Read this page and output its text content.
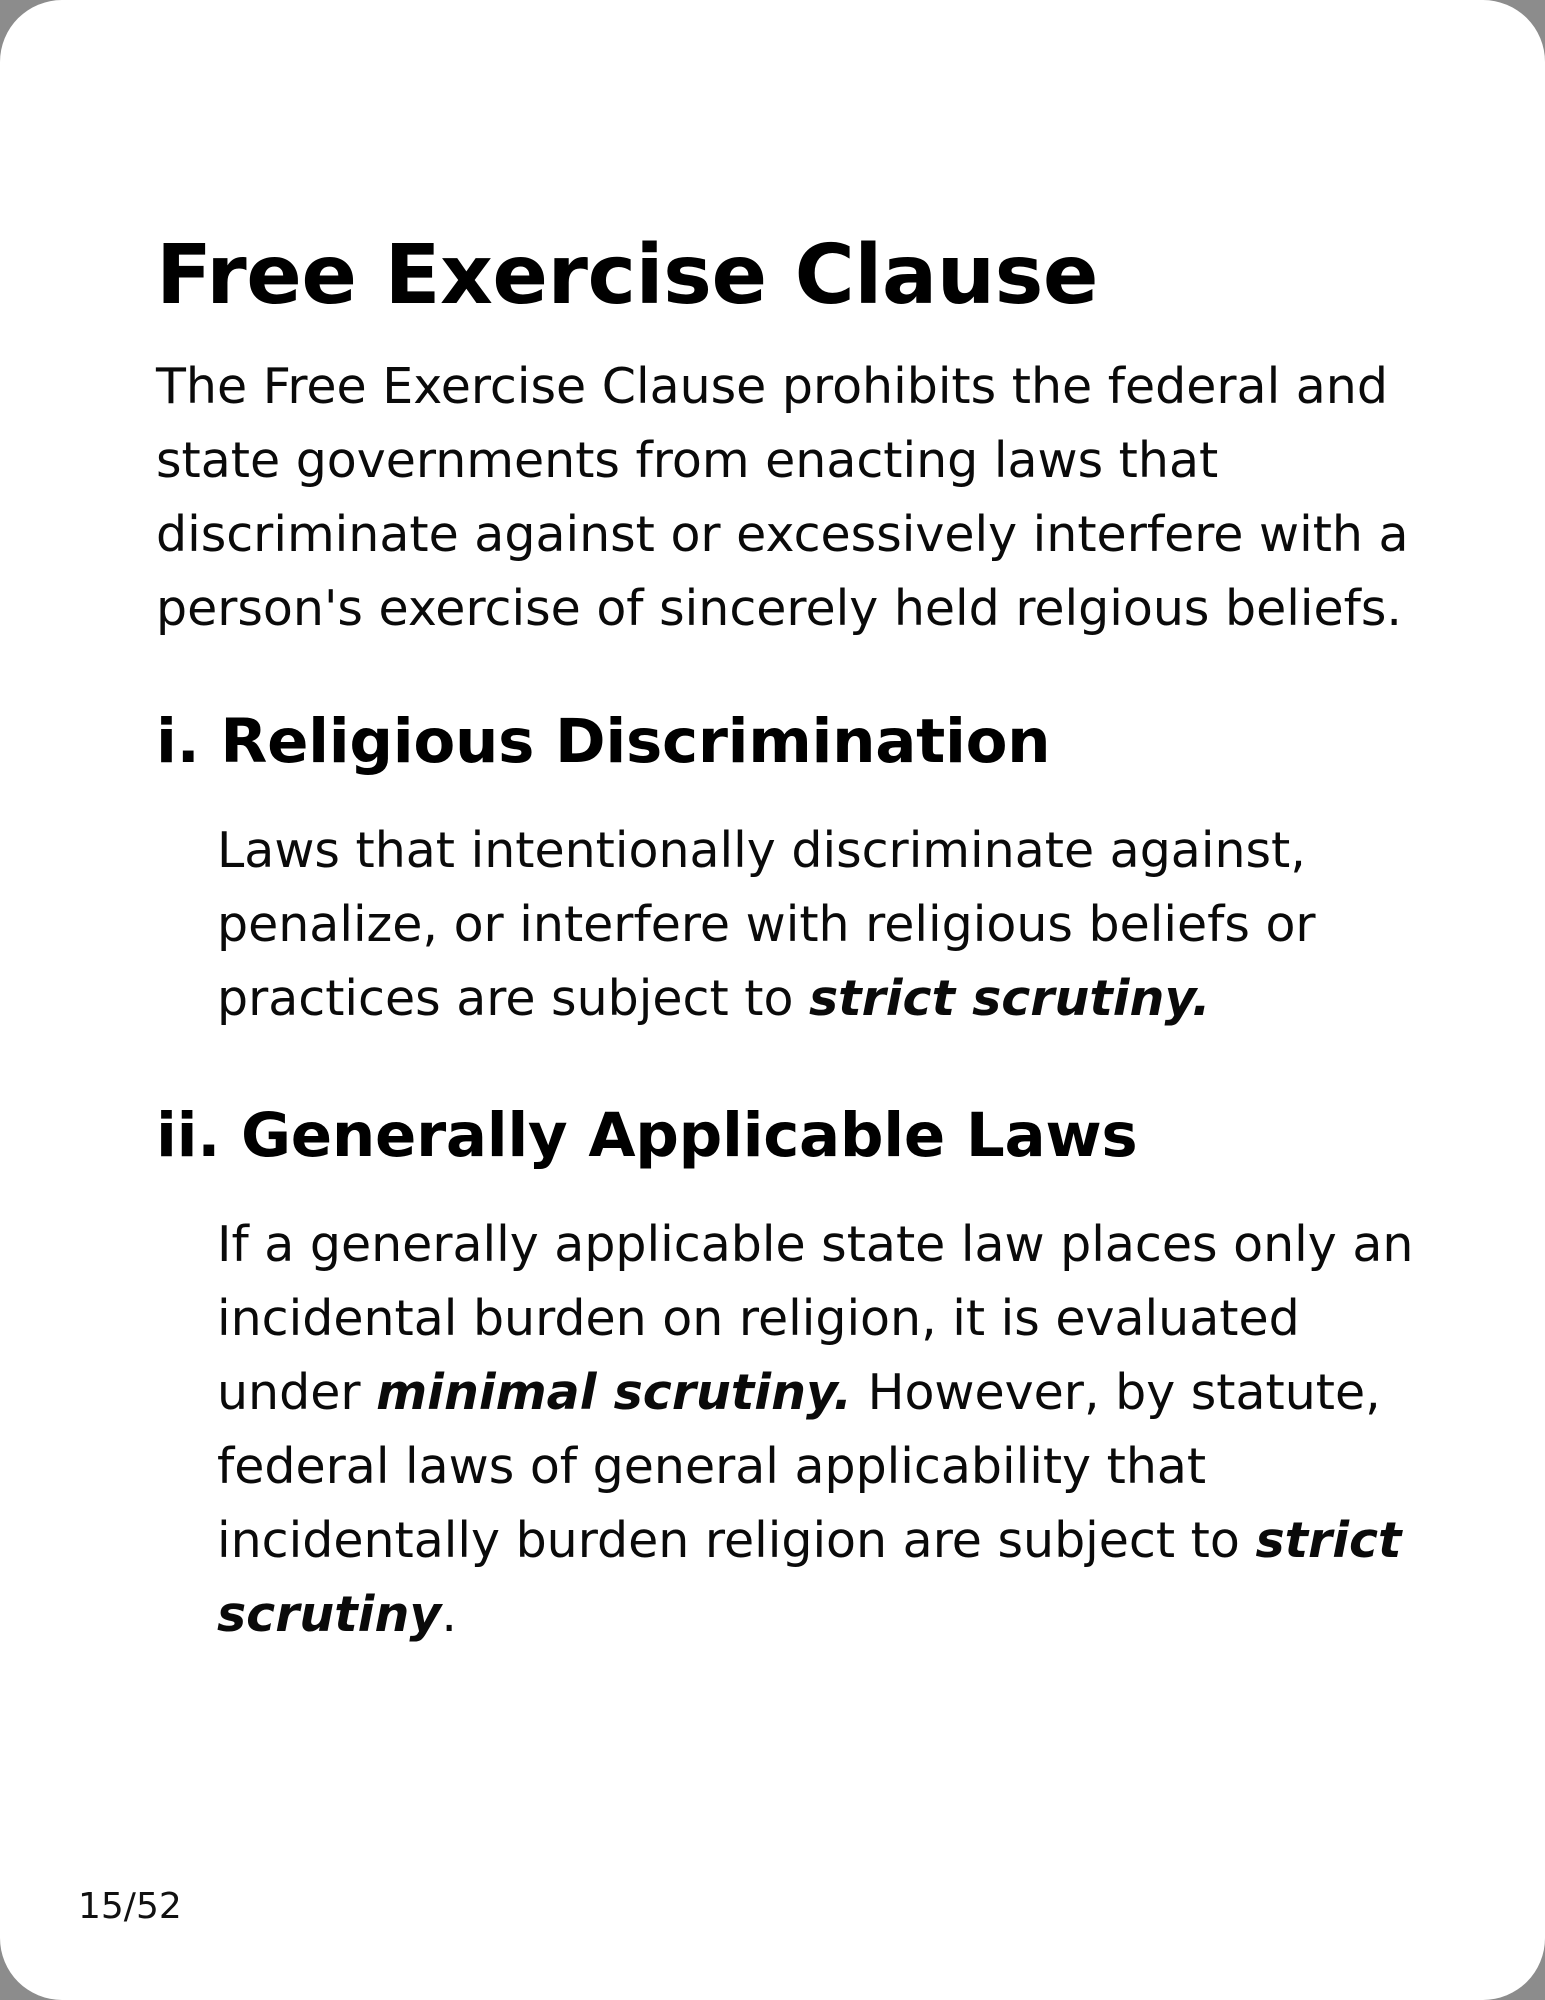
Free Exercise Clause

The Free Exercise Clause prohibits the federal and state governments from enacting laws that discriminate against or excessively interfere with a person's exercise of sincerely held relgious beliefs.

i. Religious Discrimination

Laws that intentionally discriminate against, penalize, or interfere with religious beliefs or practices are subject to strict scrutiny.

ii. Generally Applicable Laws

If a generally applicable state law places only an incidental burden on religion, it is evaluated under minimal scrutiny. However, by statute, federal laws of general applicability that incidentally burden religion are subject to strict scrutiny.

15/52
